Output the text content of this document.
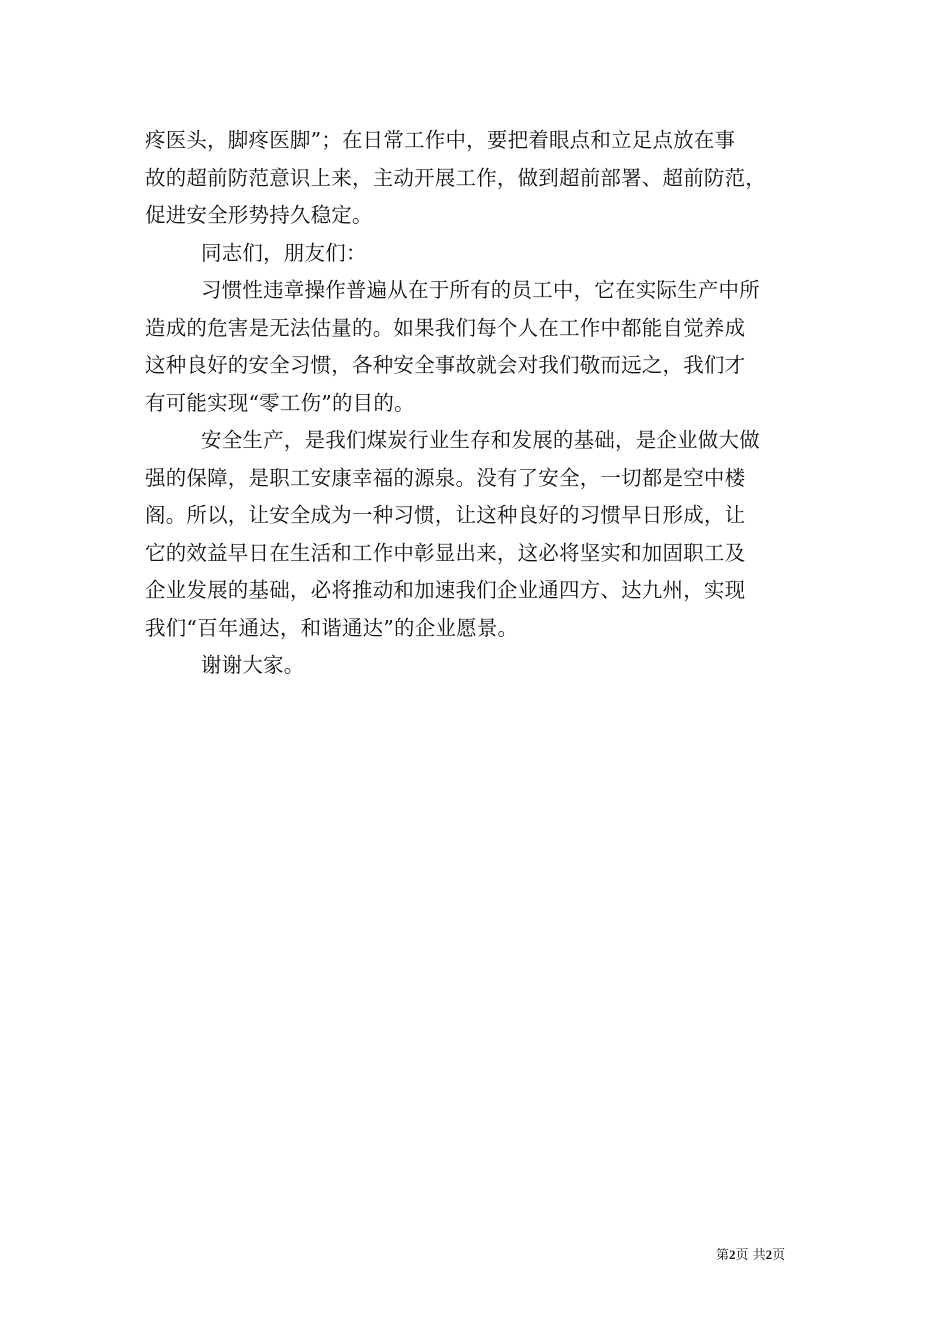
疼医头，脚疼医脚”；在日常工作中，要把着眼点和立足点放在事
故的超前防范意识上来，主动开展工作，做到超前部署、超前防范，
促进安全形势持久稳定。
同志们，朋友们：
习惯性违章操作普遍从在于所有的员工中，它在实际生产中所
造成的危害是无法估量的。如果我们每个人在工作中都能自觉养成
这种良好的安全习惯，各种安全事故就会对我们敬而远之，我们才
有可能实现“零工伤”的目的。
安全生产，是我们煤炭行业生存和发展的基础，是企业做大做
强的保障，是职工安康幸福的源泉。没有了安全，一切都是空中楼
阁。所以，让安全成为一种习惯，让这种良好的习惯早日形成，让
它的效益早日在生活和工作中彰显出来，这必将坚实和加固职工及
企业发展的基础，必将推动和加速我们企业通四方、达九州，实现
我们“百年通达，和谐通达”的企业愿景。
谢谢大家。
第2页 共2页
